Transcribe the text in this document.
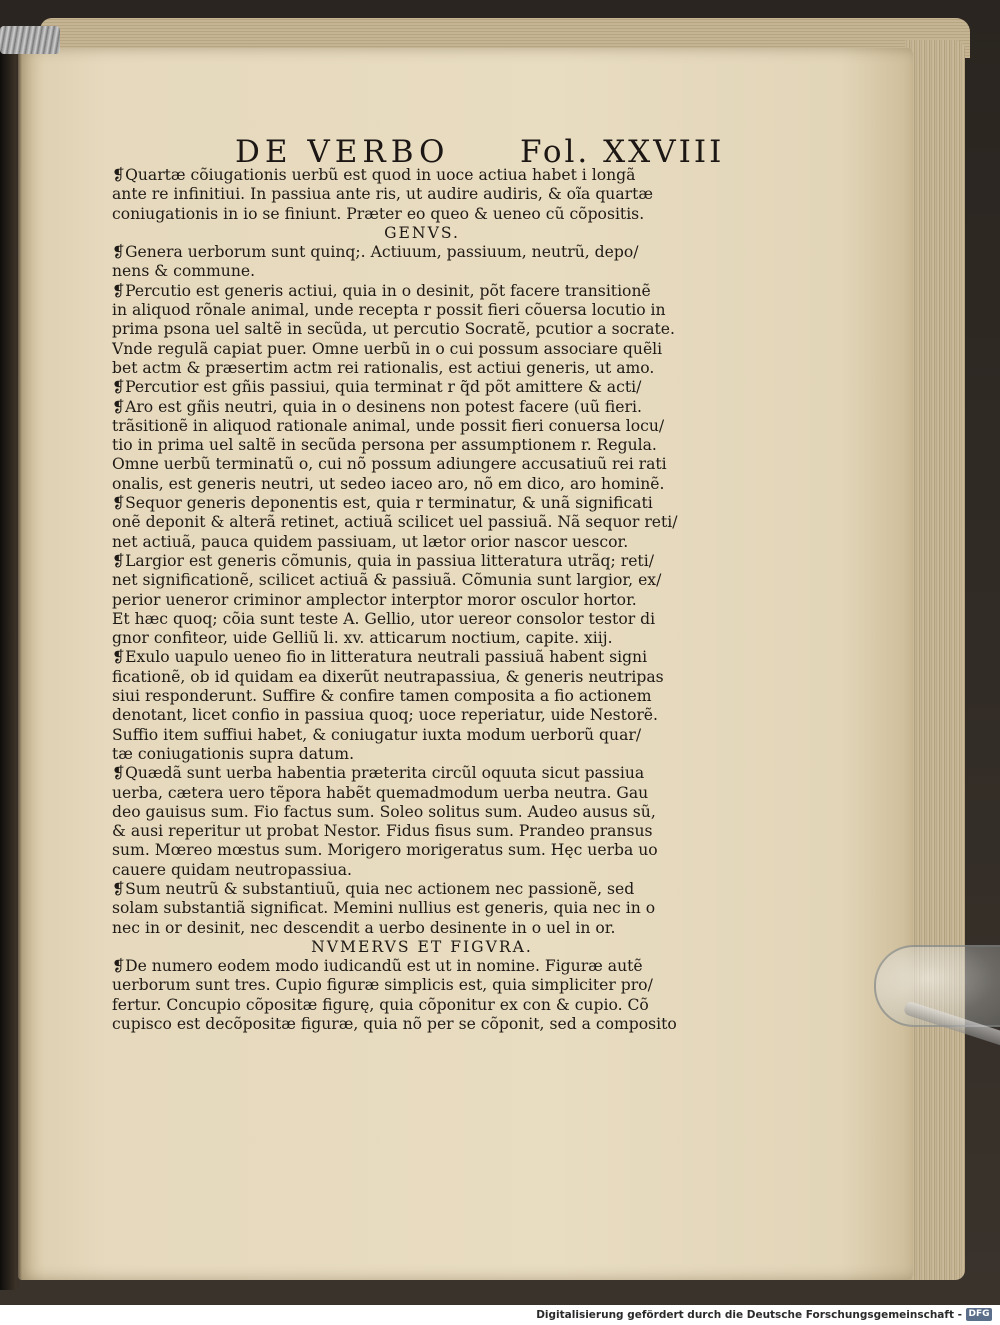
DE VERBO Fol. XXVIII
❡Quartæ cõiugationis uerbũ est quod in uoce actiua habet i longã
ante re infinitiui. In passiua ante ris, ut audire audiris, & oĩa quartæ
coniugationis in io se finiunt. Præter eo queo & ueneo cũ cõpositis.
GENVS.
❡Genera uerborum sunt quinq;. Actiuum, passiuum, neutrũ, depo/
nens & commune.
❡Percutio est generis actiui, quia in o desinit, põt facere transitionẽ
in aliquod rõnale animal, unde recepta r possit fieri cõuersa locutio in
prima psona uel saltẽ in secũda, ut percutio Socratẽ, pcutior a socrate.
Vnde regulã capiat puer. Omne uerbũ in o cui possum associare quẽli
bet actm & præsertim actm rei rationalis, est actiui generis, ut amo.
❡Percutior est gñis passiui, quia terminat r q̃d põt amittere & acti/
❡Aro est gñis neutri, quia in o desinens non potest facere (uũ fieri.
trãsitionẽ in aliquod rationale animal, unde possit fieri conuersa locu/
tio in prima uel saltẽ in secũda persona per assumptionem r. Regula.
Omne uerbũ terminatũ o, cui nõ possum adiungere accusatiuũ rei rati
onalis, est generis neutri, ut sedeo iaceo aro, nõ em dico, aro hominẽ.
❡Sequor generis deponentis est, quia r terminatur, & unã significati
onẽ deponit & alterã retinet, actiuã scilicet uel passiuã. Nã sequor reti/
net actiuã, pauca quidem passiuam, ut lætor orior nascor uescor.
❡Largior est generis cõmunis, quia in passiua litteratura utrãq; reti/
net significationẽ, scilicet actiuã & passiuã. Cõmunia sunt largior, ex/
perior ueneror criminor amplector interptor moror osculor hortor.
Et hæc quoq; cõia sunt teste A. Gellio, utor uereor consolor testor di
gnor confiteor, uide Gelliũ li. xv. atticarum noctium, capite. xiij.
❡Exulo uapulo ueneo fio in litteratura neutrali passiuã habent signi
ficationẽ, ob id quidam ea dixerũt neutrapassiua, & generis neutripas
siui responderunt. Suffire & confire tamen composita a fio actionem
denotant, licet confio in passiua quoq; uoce reperiatur, uide Nestorẽ.
Suffio item suffiui habet, & coniugatur iuxta modum uerborũ quar/
tæ coniugationis supra datum.
❡Quædã sunt uerba habentia præterita circũl oquuta sicut passiua
uerba, cætera uero tẽpora habẽt quemadmodum uerba neutra. Gau
deo gauisus sum. Fio factus sum. Soleo solitus sum. Audeo ausus sũ,
& ausi reperitur ut probat Nestor. Fidus fisus sum. Prandeo pransus
sum. Mœreo mœstus sum. Morigero morigeratus sum. Hęc uerba uo
cauere quidam neutropassiua.
❡Sum neutrũ & substantiuũ, quia nec actionem nec passionẽ, sed
solam substantiã significat. Memini nullius est generis, quia nec in o
nec in or desinit, nec descendit a uerbo desinente in o uel in or.
NVMERVS ET FIGVRA.
❡De numero eodem modo iudicandũ est ut in nomine. Figuræ autẽ
uerborum sunt tres. Cupio figuræ simplicis est, quia simpliciter pro/
fertur. Concupio cõpositæ figurę, quia cõponitur ex con & cupio. Cõ
cupisco est decõpositæ figuræ, quia nõ per se cõponit, sed a composito
Digitalisierung gefördert durch die Deutsche Forschungsgemeinschaft - DFG
